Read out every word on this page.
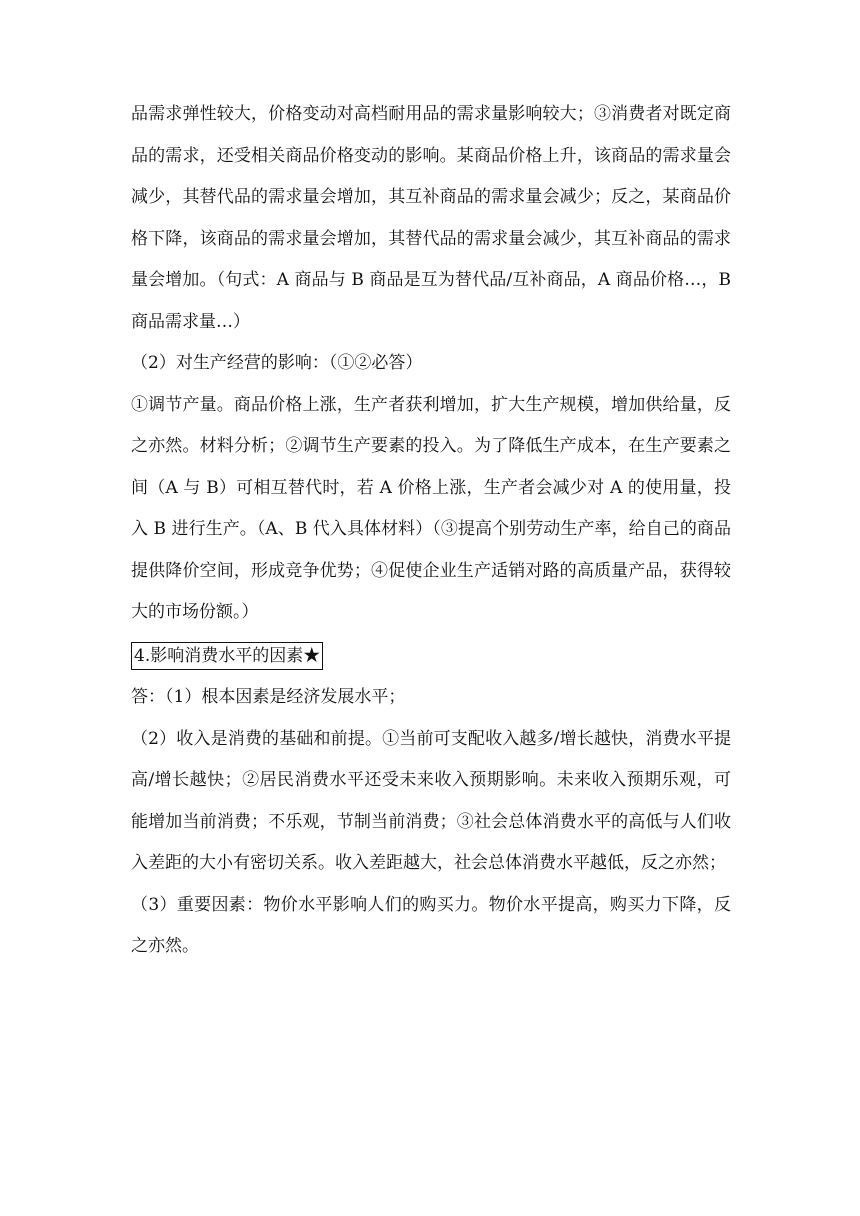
品需求弹性较大，价格变动对高档耐用品的需求量影响较大；③消费者对既定商品的需求，还受相关商品价格变动的影响。某商品价格上升，该商品的需求量会减少，其替代品的需求量会增加，其互补商品的需求量会减少；反之，某商品价格下降，该商品的需求量会增加，其替代品的需求量会减少，其互补商品的需求量会增加。（句式：A 商品与 B 商品是互为替代品/互补商品，A 商品价格…，B 商品需求量…）

（2）对生产经营的影响：（①②必答）

①调节产量。商品价格上涨，生产者获利增加，扩大生产规模，增加供给量，反之亦然。材料分析；②调节生产要素的投入。为了降低生产成本，在生产要素之间（A 与 B）可相互替代时，若 A 价格上涨，生产者会减少对 A 的使用量，投入 B 进行生产。（A、B 代入具体材料）（③提高个别劳动生产率，给自己的商品提供降价空间，形成竞争优势；④促使企业生产适销对路的高质量产品，获得较大的市场份额。）

4.影响消费水平的因素★

答：（1）根本因素是经济发展水平；

（2）收入是消费的基础和前提。①当前可支配收入越多/增长越快，消费水平提高/增长越快；②居民消费水平还受未来收入预期影响。未来收入预期乐观，可能增加当前消费；不乐观，节制当前消费；③社会总体消费水平的高低与人们收入差距的大小有密切关系。收入差距越大，社会总体消费水平越低，反之亦然；

（3）重要因素：物价水平影响人们的购买力。物价水平提高，购买力下降，反之亦然。
